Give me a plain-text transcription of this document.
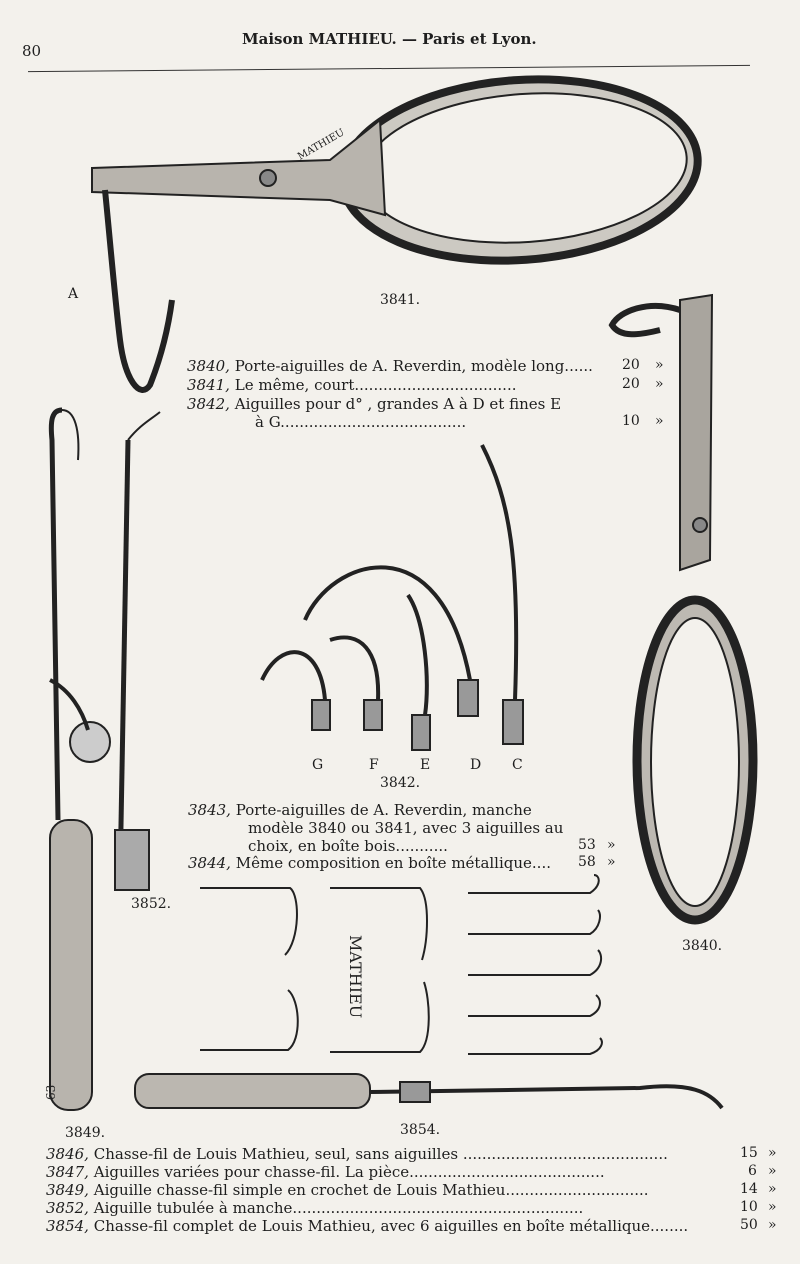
80
Maison MATHIEU. — Paris et Lyon.
MATHIEU
MATHIEU
63
A	3841.
3842.
3840.
3852.
3849.	3854.
G	F	E	D C
3840, Porte-aiguilles de A. Reverdin, modèle long...... 20 »
3841, Le même, court..................................	20 »
3842, Aiguilles pour d° , grandes A à D et fines E
à G.......................................	10 »
3843, Porte-aiguilles de A. Reverdin, manche
modèle 3840 ou 3841, avec 3 aiguilles au
choix, en boîte bois...........	53 »
3844, Même composition en boîte métallique.... 58 »
3846, Chasse-fil de Louis Mathieu, seul, sans aiguilles ...........................................	15 »
3847, Aiguilles variées pour chasse-fil. La pièce.........................................	6 »
3849, Aiguille chasse-fil simple en crochet de Louis Mathieu..............................	14 »
3852, Aiguille tubulée à manche.............................................................	10 »
3854, Chasse-fil complet de Louis Mathieu, avec 6 aiguilles en boîte métallique........	50 »
